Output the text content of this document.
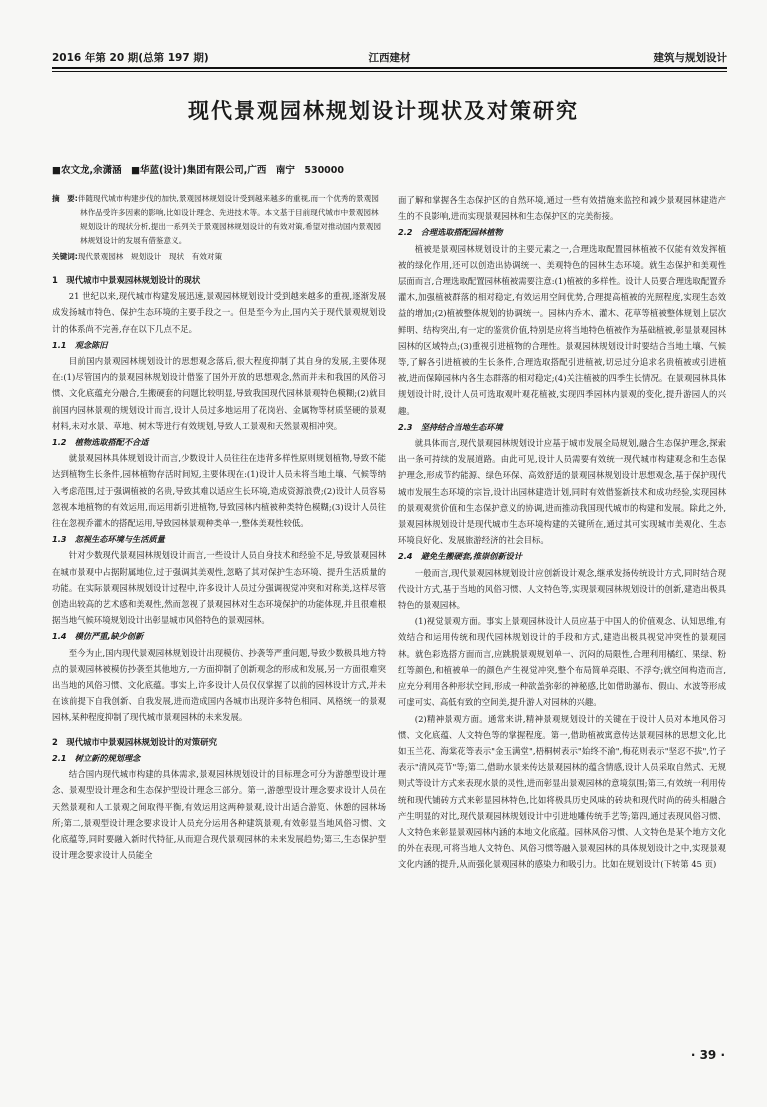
2016 年第 20 期(总第 197 期)	江西建材	建筑与规划设计
现代景观园林规划设计现状及对策研究
■农文龙,余潇涵　■华蓝(设计)集团有限公司,广西　南宁　530000
摘　要:伴随现代城市构建步伐的加快,景观园林规划设计受到越来越多的重视,而一个优秀的景观园林作品受许多因素的影响,比如设计理念、先进技术等。本文基于目前现代城市中景观园林规划设计的现状分析,提出一系列关于景观园林规划设计的有效对策,希望对推动国内景观园林规划设计的发展有借鉴意义。
关键词:现代景观园林　规划设计　现状　有效对策
1　现代城市中景观园林规划设计的现状

21 世纪以来,现代城市构建发展迅速,景观园林规划设计受到越来越多的重视,逐渐发展成发扬城市特色、保护生态环境的主要手段之一。但是至今为止,国内关于现代景观规划设计的体系尚不完善,存在以下几点不足。

1.1　观念陈旧

目前国内景观园林规划设计的思想观念落后,很大程度抑制了其自身的发展,主要体现在:(1)尽管国内的景观园林规划设计借鉴了国外开放的思想观念,然而并未和我国的风俗习惯、文化底蕴充分融合,生搬硬套的问题比较明显,导致我国现代园林景观特色模糊;(2)就目前国内园林景观的规划设计而言,设计人员过多地运用了花岗岩、金属物等材质坚硬的景观材料,未对水景、草地、树木等进行有效规划,导致人工景观和天然景观相冲突。

1.2　植物选取搭配不合适

就景观园林具体规划设计而言,少数设计人员往往在违背多样性原则规划植物,导致不能达到植物生长条件,园林植物存活时间短,主要体现在:(1)设计人员未将当地土壤、气候等纳入考虑范围,过于强调植被的名贵,导致其难以适应生长环境,造成资源浪费;(2)设计人员容易忽视本地植物的有效运用,而运用新引进植物,导致园林内植被种类特色模糊;(3)设计人员往往在忽视乔灌木的搭配运用,导致园林景观种类单一,整体美观性较低。

1.3　忽视生态环境与生活质量

针对少数现代景观园林规划设计而言,一些设计人员自身技术和经验不足,导致景观园林在城市景观中占据附属地位,过于强调其美观性,忽略了其对保护生态环境、提升生活质量的功能。在实际景观园林规划设计过程中,许多设计人员过分强调视觉冲突和对称美,这样尽管创造出较高的艺术感和美观性,然而忽视了景观园林对生态环境保护的功能体现,并且很难根据当地气候环境规划设计出彰显城市风俗特色的景观园林。

1.4　模仿严重,缺少创新

至今为止,国内现代景观园林规划设计出现模仿、抄袭等严重问题,导致少数极具地方特点的景观园林被模仿抄袭至其他地方,一方面抑制了创新观念的形成和发展,另一方面很难突出当地的风俗习惯、文化底蕴。事实上,许多设计人员仅仅掌握了以前的园林设计方式,并未在该前提下自我创新、自我发展,进而造成国内各城市出现许多特色相同、风格统一的景观园林,某种程度抑制了现代城市景观园林的未来发展。

2　现代城市中景观园林规划设计的对策研究
2.1　树立新的规划理念

结合国内现代城市构建的具体需求,景观园林规划设计的目标理念可分为游憩型设计理念、景观型设计理念和生态保护型设计理念三部分。第一,游憩型设计理念要求设计人员在天然景观和人工景观之间取得平衡,有效运用这两种景观,设计出适合游览、休憩的园林场所;第二,景观型设计理念要求设计人员充分运用各种建筑景观,有效彰显当地风俗习惯、文化底蕴等,同时要融入新时代特征,从而迎合现代景观园林的未来发展趋势;第三,生态保护型设计理念要求设计人员能全

面了解和掌握各生态保护区的自然环境,通过一些有效措施来监控和减少景观园林建造产生的不良影响,进而实现景观园林和生态保护区的完美衔接。

2.2　合理选取搭配园林植物

植被是景观园林规划设计的主要元素之一,合理选取配置园林植被不仅能有效发挥植被的绿化作用,还可以创造出协调统一、美观特色的园林生态环境。就生态保护和美观性层面而言,合理选取配置园林植被需要注意:(1)植被的多样性。设计人员要合理选取配置乔灌木,加强植被群落的相对稳定,有效运用空间优势,合理提高植被的光照程度,实现生态效益的增加;(2)植被整体规划的协调统一。园林内乔木、灌木、花草等植被整体规划上层次鲜明、结构突出,有一定的鉴赏价值,特别是应将当地特色植被作为基础植被,彰显景观园林园林的区域特点;(3)重视引进植物的合理性。景观园林规划设计时要结合当地土壤、气候等,了解各引进植被的生长条件,合理选取搭配引进植被,切忌过分追求名贵植被或引进植被,进而保障园林内各生态群落的相对稳定;(4)关注植被的四季生长情况。在景观园林具体规划设计时,设计人员可选取观叶观花植被,实现四季园林内景观的变化,提升游园人的兴趣。

2.3　坚持结合当地生态环境

就具体而言,现代景观园林规划设计应基于城市发展全局规划,融合生态保护理念,探索出一条可持续的发展道路。由此可见,设计人员需要有效统一现代城市构建观念和生态保护理念,形成节约能源、绿色环保、高效舒适的景观园林规划设计思想观念,基于保护现代城市发展生态环境的宗旨,设计出园林建造计划,同时有效借鉴新技术和成功经验,实现园林的景观观赏价值和生态保护意义的协调,进而推动我国现代城市的构建和发展。除此之外,景观园林规划设计是现代城市生态环境构建的关键所在,通过其可实现城市美观化、生态环境良好化、发展旅游经济的社会目标。

2.4　避免生搬硬套,推崇创新设计

一般而言,现代景观园林规划设计应创新设计观念,继承发扬传统设计方式,同时结合现代设计方式,基于当地的风俗习惯、人文特色等,实现景观园林规划设计的创新,建造出极具特色的景观园林。

(1)视觉景观方面。事实上景观园林设计人员应基于中国人的价值观念、认知思维,有效结合和运用传统和现代园林规划设计的手段和方式,建造出极具视觉冲突性的景观园林。就色彩选搭方面而言,应跳脱景观规划单一、沉闷的局限性,合理利用橘红、果绿、粉红等颜色,和植被单一的颜色产生视觉冲突,整个布局简单亮眼、不浮夸;就空间构造而言,应充分利用各种形状空间,形成一种欲盖弥彰的神秘感,比如借助瀑布、假山、水波等形成可虚可实、高低有致的空间美,提升游人对园林的兴趣。

(2)精神景观方面。通常来讲,精神景观规划设计的关键在于设计人员对本地风俗习惯、文化底蕴、人文特色等的掌握程度。第一,借助植被寓意传达景观园林的思想文化,比如玉兰花、海棠花等表示"金玉满堂",梧桐树表示"始终不渝",梅花则表示"坚忍不拔",竹子表示"清风亮节"等;第二,借助水景来传达景观园林的蕴含情感,设计人员采取自然式、无规则式等设计方式来表现水景的灵性,进而彰显出景观园林的意境氛围;第三,有效统一利用传统和现代铺砖方式来彰显园林特色,比如将极具历史风味的砖块和现代时尚的砖头相融合产生明显的对比,现代景观园林规划设计中引进地雕传统手艺等;第四,通过表现风俗习惯、人文特色来彰显景观园林内涵的本地文化底蕴。园林风俗习惯、人文特色是某个地方文化的外在表现,可将当地人文特色、风俗习惯等融入景观园林的具体规划设计之中,实现景观文化内涵的提升,从而强化景观园林的感染力和吸引力。比如在规划设计(下转第 45 页)

· 39 ·
